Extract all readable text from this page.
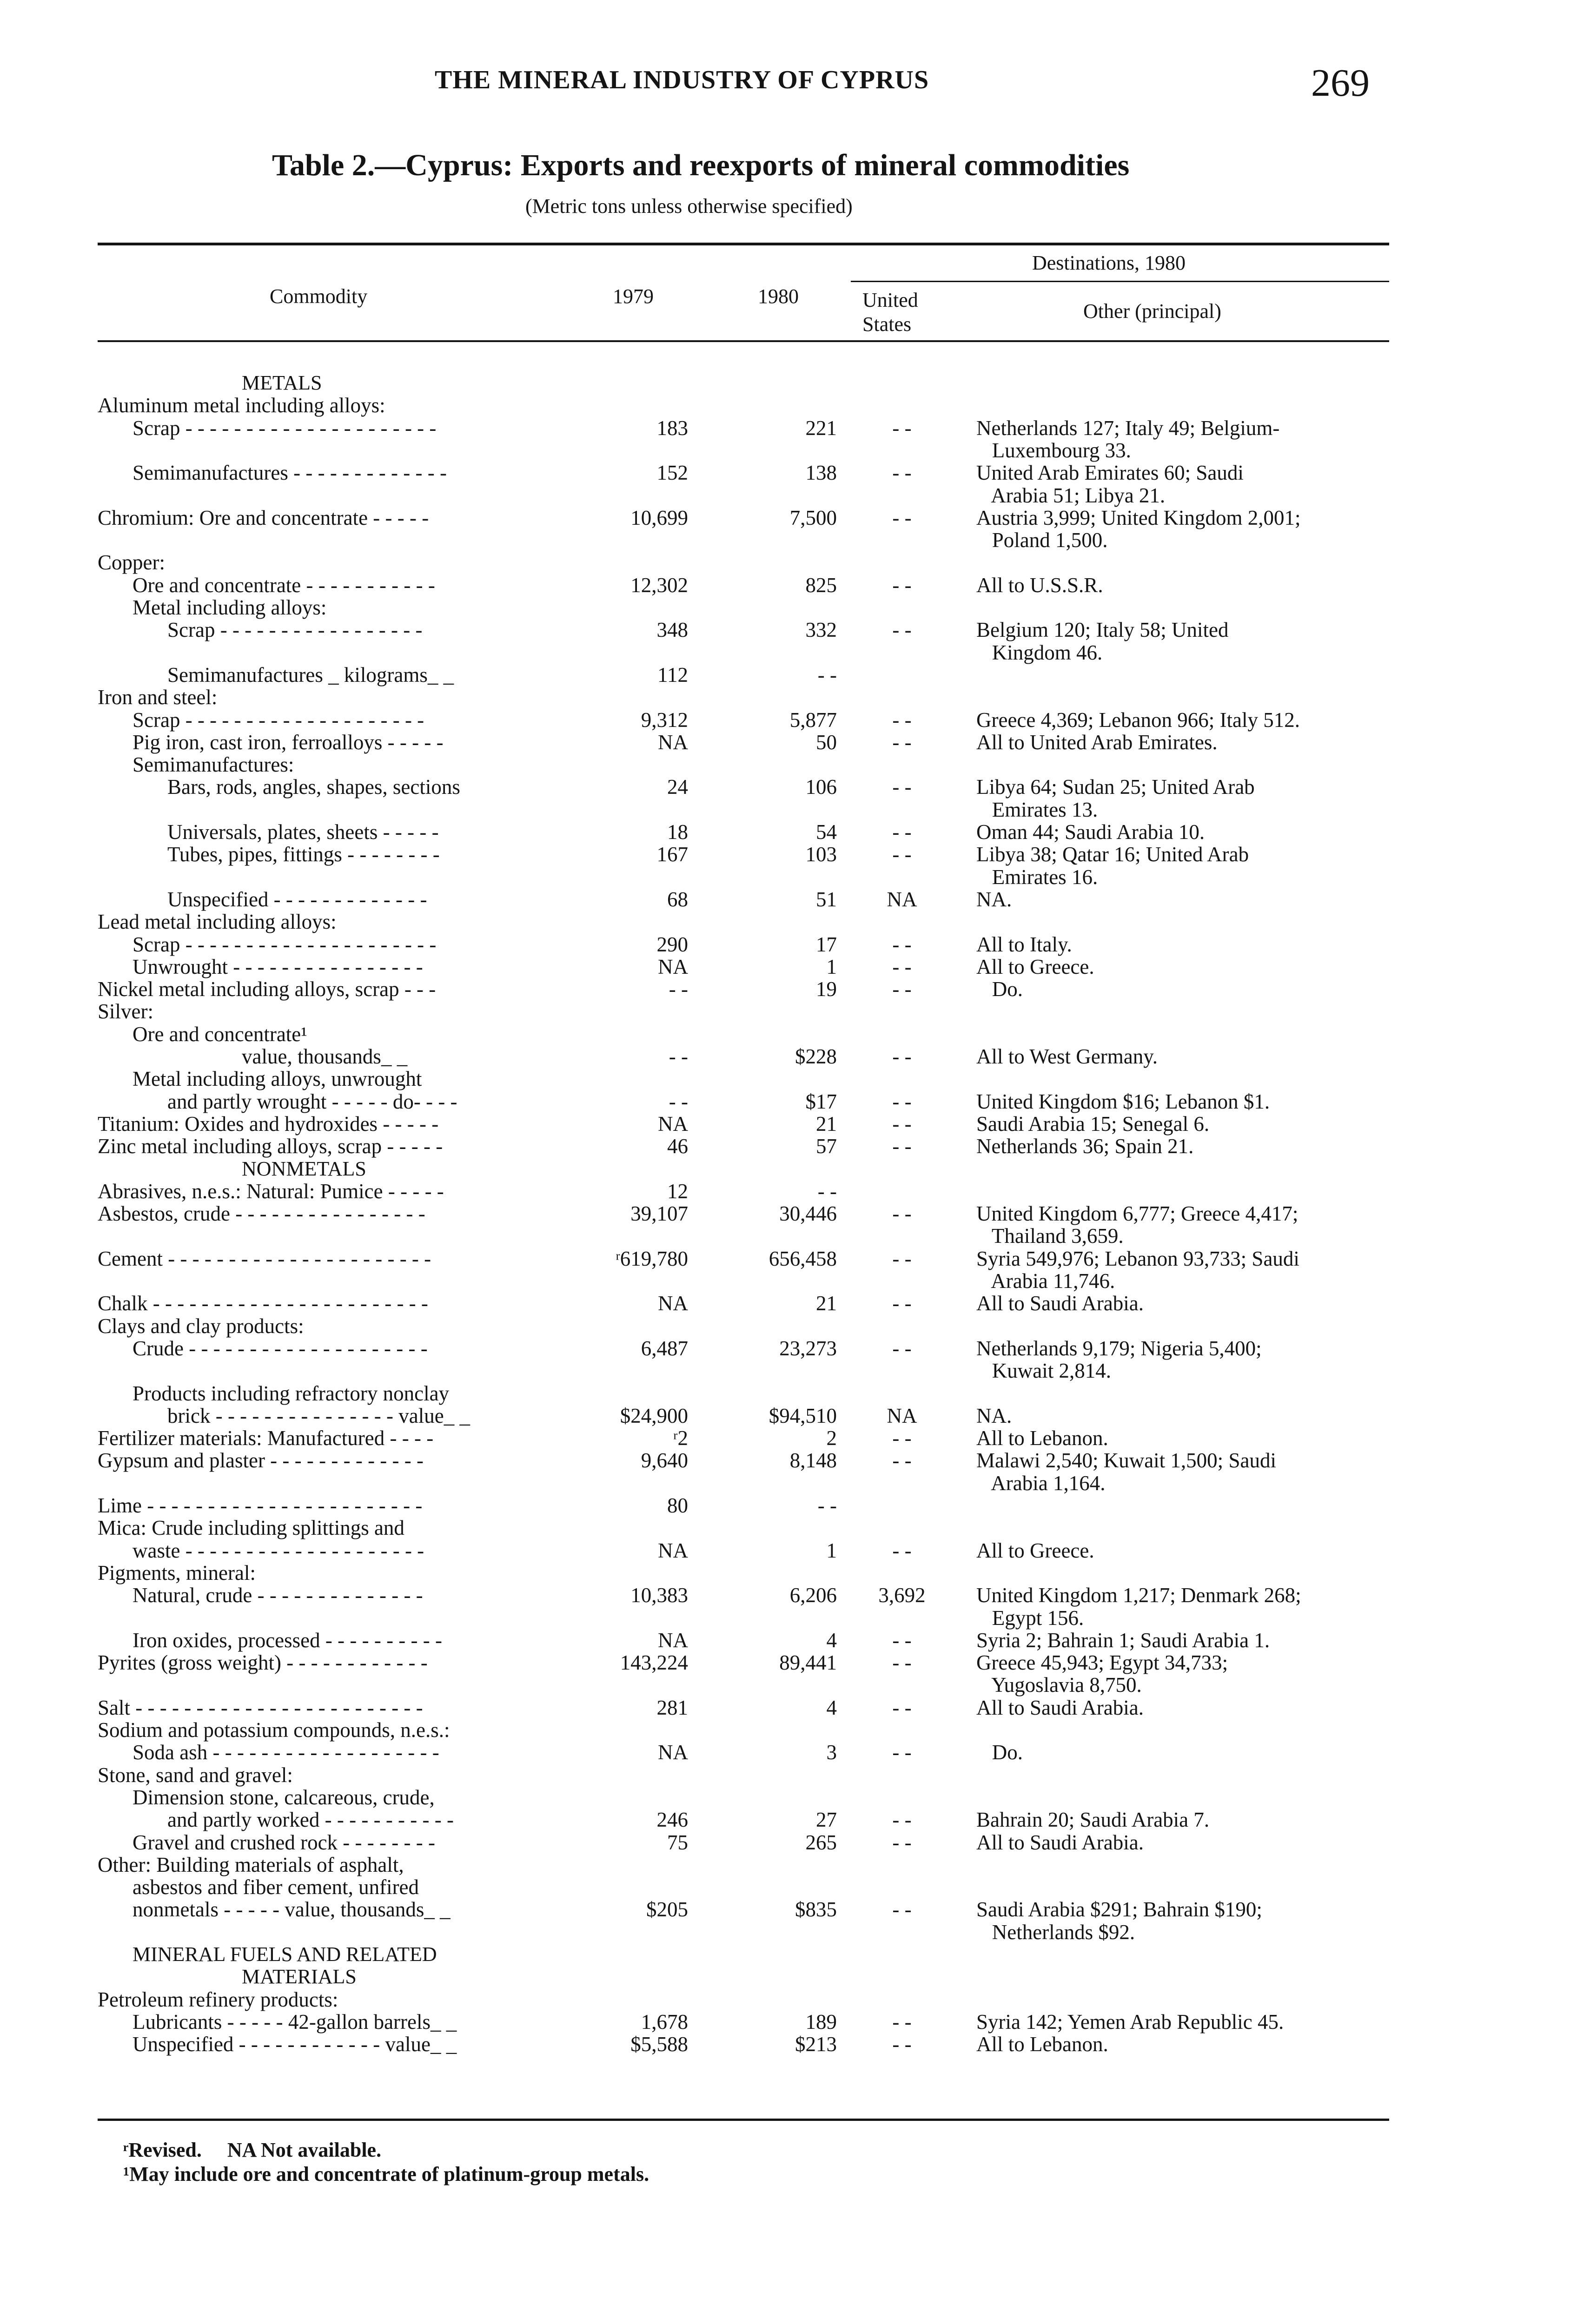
THE MINERAL INDUSTRY OF CYPRUS	269
Table 2.—Cyprus: Exports and reexports of mineral commodities
(Metric tons unless otherwise specified)
Commodity	1979	1980
Destinations, 1980
United States
Other (principal)
METALS
Aluminum metal including alloys:
Scrap - - - - - - - - - - - - - - - - - - - - -	183	221	- -	Netherlands 127; Italy 49; Belgium-
Luxembourg 33.
Semimanufactures - - - - - - - - - - - - -	152	138	- -	United Arab Emirates 60; Saudi
Arabia 51; Libya 21.
Chromium: Ore and concentrate - - - - -	10,699	7,500	- -	Austria 3,999; United Kingdom 2,001;
Poland 1,500.
Copper:
Ore and concentrate - - - - - - - - - - -	12,302	825	- -	All to U.S.S.R.
Metal including alloys:
Scrap - - - - - - - - - - - - - - - - -	348	332	- -	Belgium 120; Italy 58; United
Kingdom 46.
Semimanufactures _ kilograms_ _	112	- -
Iron and steel:
Scrap - - - - - - - - - - - - - - - - - - - -	9,312	5,877	- -	Greece 4,369; Lebanon 966; Italy 512.
Pig iron, cast iron, ferroalloys - - - - -	NA	50	- -	All to United Arab Emirates.
Semimanufactures:
Bars, rods, angles, shapes, sections	24	106	- -	Libya 64; Sudan 25; United Arab
Emirates 13.
Universals, plates, sheets - - - - -	18	54	- -	Oman 44; Saudi Arabia 10.
Tubes, pipes, fittings - - - - - - - -	167	103	- -	Libya 38; Qatar 16; United Arab
Emirates 16.
Unspecified - - - - - - - - - - - - -	68	51	NA	NA.
Lead metal including alloys:
Scrap - - - - - - - - - - - - - - - - - - - - -	290	17	- -	All to Italy.
Unwrought - - - - - - - - - - - - - - - -	NA	1	- -	All to Greece.
Nickel metal including alloys, scrap - - -	- -	19	- -	Do.
Silver:
Ore and concentrate¹
value, thousands_ _	- -	$228	- -	All to West Germany.
Metal including alloys, unwrought
and partly wrought - - - - - do- - - -	- -	$17	- -	United Kingdom $16; Lebanon $1.
Titanium: Oxides and hydroxides - - - - -	NA	21	- -	Saudi Arabia 15; Senegal 6.
Zinc metal including alloys, scrap - - - - -	46	57	- -	Netherlands 36; Spain 21.
NONMETALS
Abrasives, n.e.s.: Natural: Pumice - - - - -	12	- -
Asbestos, crude - - - - - - - - - - - - - - - -	39,107	30,446	- -	United Kingdom 6,777; Greece 4,417;
Thailand 3,659.
Cement - - - - - - - - - - - - - - - - - - - - - -	ʳ619,780	656,458	- -	Syria 549,976; Lebanon 93,733; Saudi
Arabia 11,746.
Chalk - - - - - - - - - - - - - - - - - - - - - - -	NA	21	- -	All to Saudi Arabia.
Clays and clay products:
Crude - - - - - - - - - - - - - - - - - - - -	6,487	23,273	- -	Netherlands 9,179; Nigeria 5,400;
Kuwait 2,814.
Products including refractory nonclay
brick - - - - - - - - - - - - - - - value_ _	$24,900	$94,510	NA	NA.
Fertilizer materials: Manufactured - - - -	ʳ2	2	- -	All to Lebanon.
Gypsum and plaster - - - - - - - - - - - - -	9,640	8,148	- -	Malawi 2,540; Kuwait 1,500; Saudi
Arabia 1,164.
Lime - - - - - - - - - - - - - - - - - - - - - - -	80	- -
Mica: Crude including splittings and
waste - - - - - - - - - - - - - - - - - - - -	NA	1	- -	All to Greece.
Pigments, mineral:
Natural, crude - - - - - - - - - - - - - -	10,383	6,206 3,692 United Kingdom 1,217; Denmark 268;
Egypt 156.
Iron oxides, processed - - - - - - - - - -	NA	4	- -	Syria 2; Bahrain 1; Saudi Arabia 1.
Pyrites (gross weight) - - - - - - - - - - - -	143,224	89,441	- -	Greece 45,943; Egypt 34,733;
Yugoslavia 8,750.
Salt - - - - - - - - - - - - - - - - - - - - - - - -	281	4	- -	All to Saudi Arabia.
Sodium and potassium compounds, n.e.s.:
Soda ash - - - - - - - - - - - - - - - - - - -	NA	3	- -	Do.
Stone, sand and gravel:
Dimension stone, calcareous, crude,
and partly worked - - - - - - - - - - -	246	27	- -	Bahrain 20; Saudi Arabia 7.
Gravel and crushed rock - - - - - - - -	75	265	- -	All to Saudi Arabia.
Other: Building materials of asphalt,
asbestos and fiber cement, unfired
nonmetals - - - - - value, thousands_ _	$205	$835	- -	Saudi Arabia $291; Bahrain $190;
Netherlands $92.
MINERAL FUELS AND RELATED
MATERIALS
Petroleum refinery products:
Lubricants - - - - - 42-gallon barrels_ _	1,678	189	- -	Syria 142; Yemen Arab Republic 45.
Unspecified - - - - - - - - - - - - value_ _	$5,588	$213	- -	All to Lebanon.
ʳRevised.     NA Not available.
¹May include ore and concentrate of platinum-group metals.
